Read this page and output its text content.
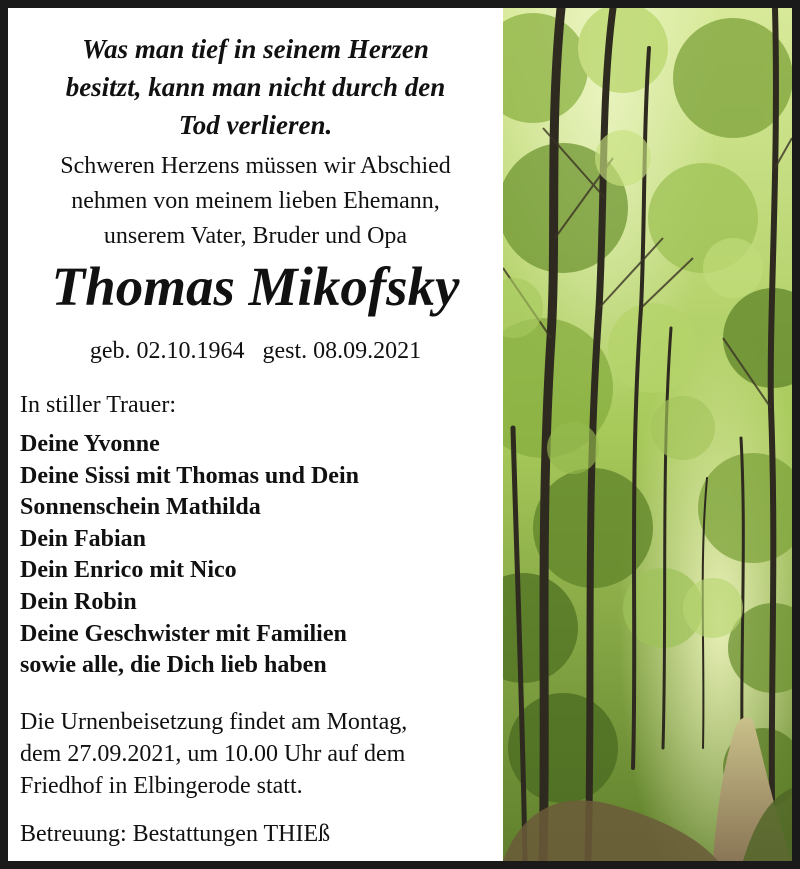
Was man tief in seinem Herzen

besitzt, kann man nicht durch den

Tod verlieren.

Schweren Herzens müssen wir Abschied

nehmen von meinem lieben Ehemann,

unserem Vater, Bruder und Opa

Thomas Mikofsky

geb. 02.10.1964 gest. 08.09.2021

In stiller Trauer:

Deine Yvonne
Deine Sissi mit Thomas und Dein
Sonnenschein Mathilda
Dein Fabian
Dein Enrico mit Nico
Dein Robin
Deine Geschwister mit Familien
sowie alle, die Dich lieb haben

Die Urnenbeisetzung findet am Montag,

dem 27.09.2021, um 10.00 Uhr auf dem

Friedhof in Elbingerode statt.

Betreuung: Bestattungen THIEß
